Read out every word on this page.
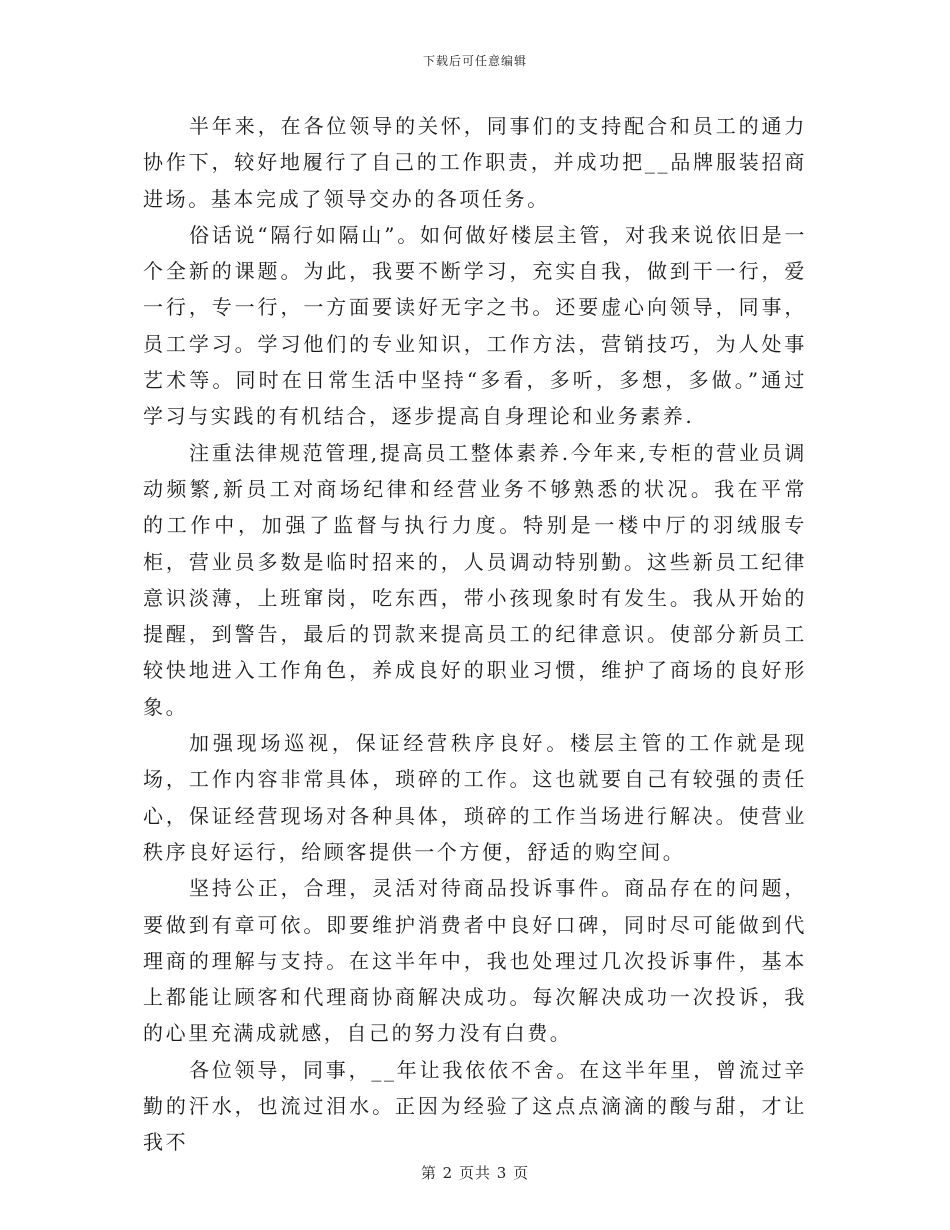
下载后可任意编辑

半年来，在各位领导的关怀，同事们的支持配合和员工的通力协作下，较好地履行了自己的工作职责，并成功把__品牌服装招商进场。基本完成了领导交办的各项任务。

俗话说“隔行如隔山”。如何做好楼层主管，对我来说依旧是一个全新的课题。为此，我要不断学习，充实自我，做到干一行，爱一行，专一行，一方面要读好无字之书。还要虚心向领导，同事，员工学习。学习他们的专业知识，工作方法，营销技巧，为人处事艺术等。同时在日常生活中坚持“多看，多听，多想，多做。”通过学习与实践的有机结合，逐步提高自身理论和业务素养.

注重法律规范管理,提高员工整体素养.今年来,专柜的营业员调动频繁,新员工对商场纪律和经营业务不够熟悉的状况。我在平常的工作中，加强了监督与执行力度。特别是一楼中厅的羽绒服专柜，营业员多数是临时招来的，人员调动特别勤。这些新员工纪律意识淡薄，上班窜岗，吃东西，带小孩现象时有发生。我从开始的提醒，到警告，最后的罚款来提高员工的纪律意识。使部分新员工较快地进入工作角色，养成良好的职业习惯，维护了商场的良好形象。

加强现场巡视，保证经营秩序良好。楼层主管的工作就是现场，工作内容非常具体，琐碎的工作。这也就要自己有较强的责任心，保证经营现场对各种具体，琐碎的工作当场进行解决。使营业秩序良好运行，给顾客提供一个方便，舒适的购空间。

坚持公正，合理，灵活对待商品投诉事件。商品存在的问题，要做到有章可依。即要维护消费者中良好口碑，同时尽可能做到代理商的理解与支持。在这半年中，我也处理过几次投诉事件，基本上都能让顾客和代理商协商解决成功。每次解决成功一次投诉，我的心里充满成就感，自己的努力没有白费。

各位领导，同事，__年让我依依不舍。在这半年里，曾流过辛勤的汗水，也流过泪水。正因为经验了这点点滴滴的酸与甜，才让我不

第 2 页共 3 页
